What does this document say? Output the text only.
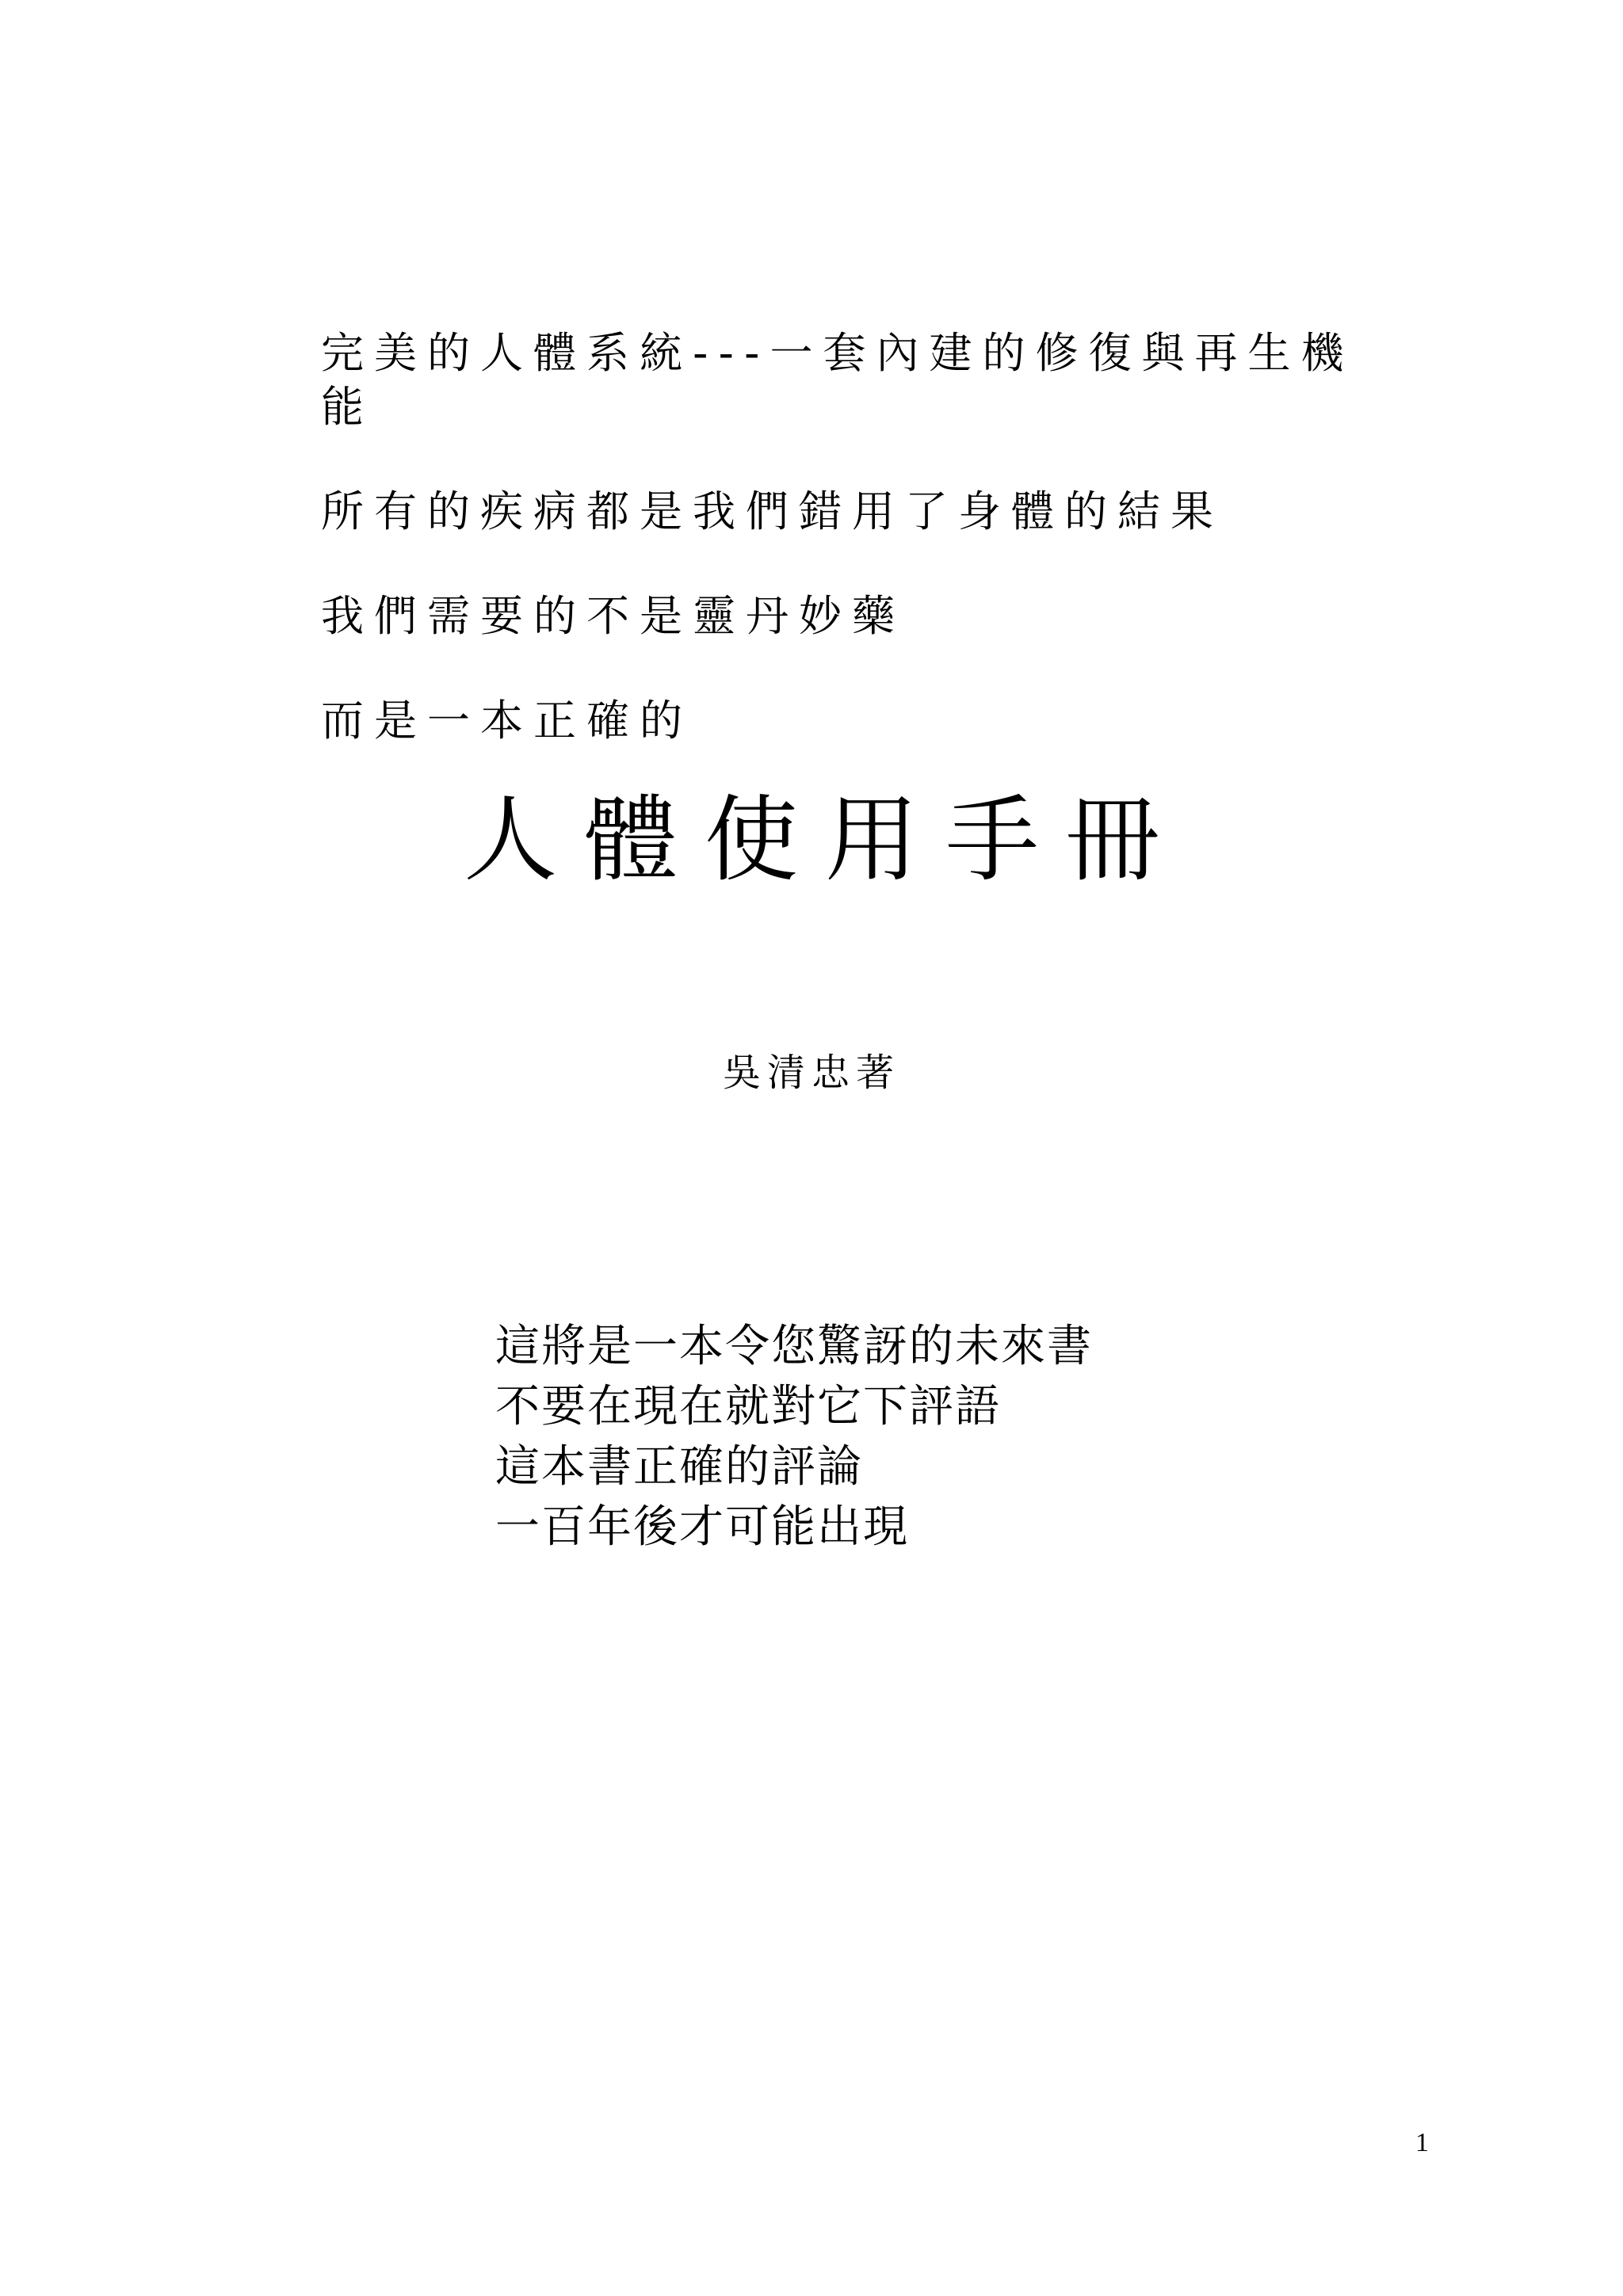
完美的人體系統---一套內建的修復與再生機能

所有的疾病都是我們錯用了身體的結果

我們需要的不是靈丹妙藥

而是一本正確的

人體使用手冊
吳清忠著
這將是一本令您驚訝的未來書
不要在現在就對它下評語
這本書正確的評論
一百年後才可能出現
1
